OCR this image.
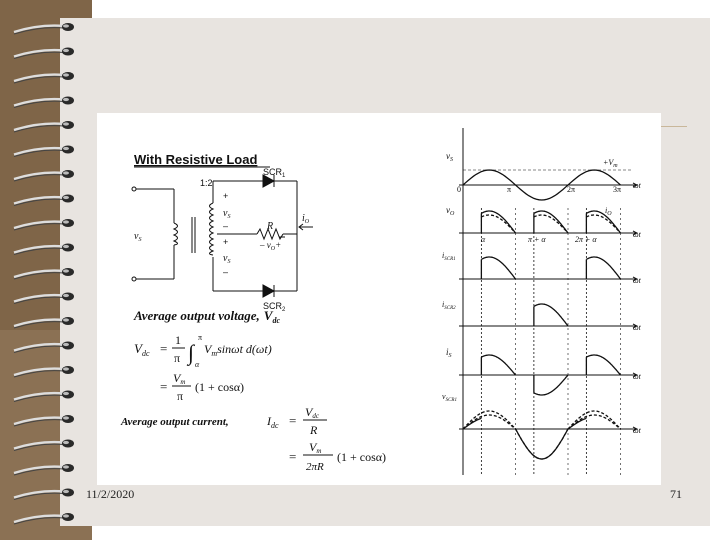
With Resistive Load
1:2
$SCR_1$
$SCR_2$
$v_S$
+
$v_S$
–
+
$v_S$
–
R
$i_O$
– $v_O+$
Average output voltage, $V_{dc}$
$V_{dc}$ =
1
π ∫
π
α
$V_m\sin\omega t$ d(ωt)
=
Vm
π
(1 + cosα)
Average output current,	$I_{dc}$ =
Vdc
R
=
Vm
2πR
(1 + cosα)
$v_S$	$+V_m$
0	π	2π	3π ωt
$v_O$	$i_O$
α	π + α	2π + α
ωt
$i_{SCR1}$
ωt
$i_{SCR2}$
ωt
$i_S$
ωt
$v_{SCR1}$
ωt
11/2/2020	71
